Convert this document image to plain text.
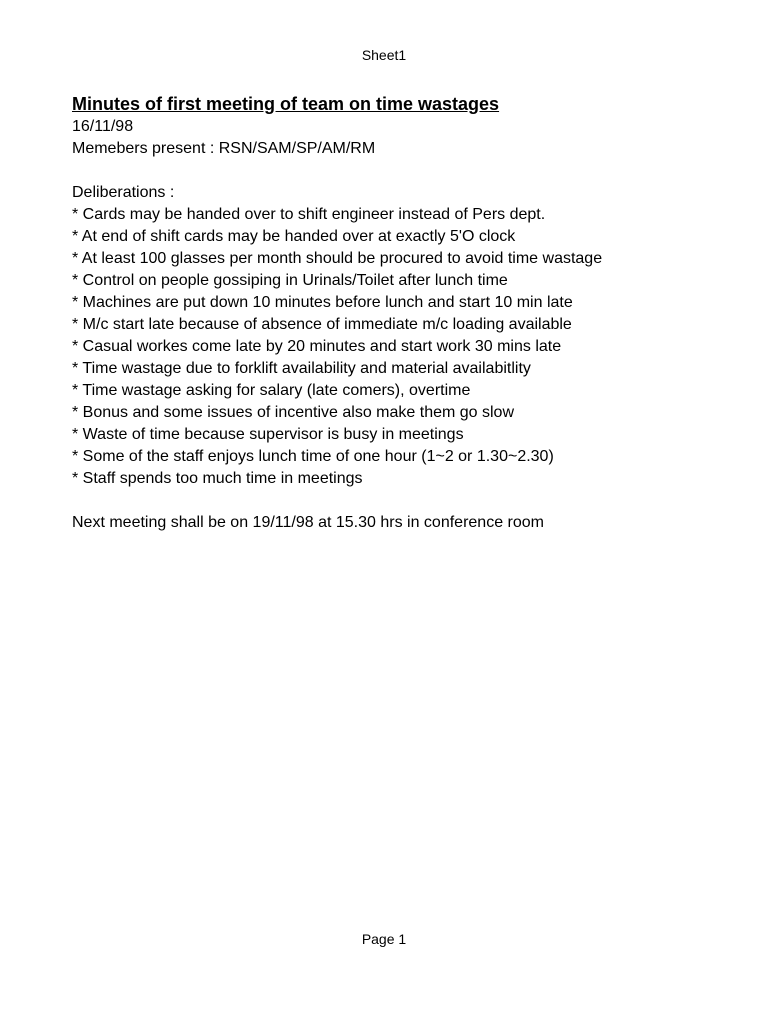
Sheet1
Minutes of first meeting of team on time wastages

16/11/98

Memebers present : RSN/SAM/SP/AM/RM

Deliberations :

* Cards may be handed over to shift engineer instead of Pers dept.
* At end of shift cards may be handed over at exactly 5'O clock
* At least 100 glasses per month should be procured to avoid time wastage
* Control on people gossiping in Urinals/Toilet after lunch time
* Machines are put down 10 minutes before lunch and start 10 min late
* M/c start late because of absence of immediate m/c loading available
* Casual workes come late by 20 minutes and start work 30 mins late
* Time wastage due to forklift availability and material availabitlity
* Time wastage asking for salary (late comers), overtime
* Bonus and some issues of incentive also make them go slow
* Waste of time because supervisor is busy in meetings
* Some of the staff enjoys lunch time of one hour (1~2 or 1.30~2.30)
* Staff spends too much time in meetings

Next meeting shall be on 19/11/98 at 15.30 hrs in conference room

Page 1
